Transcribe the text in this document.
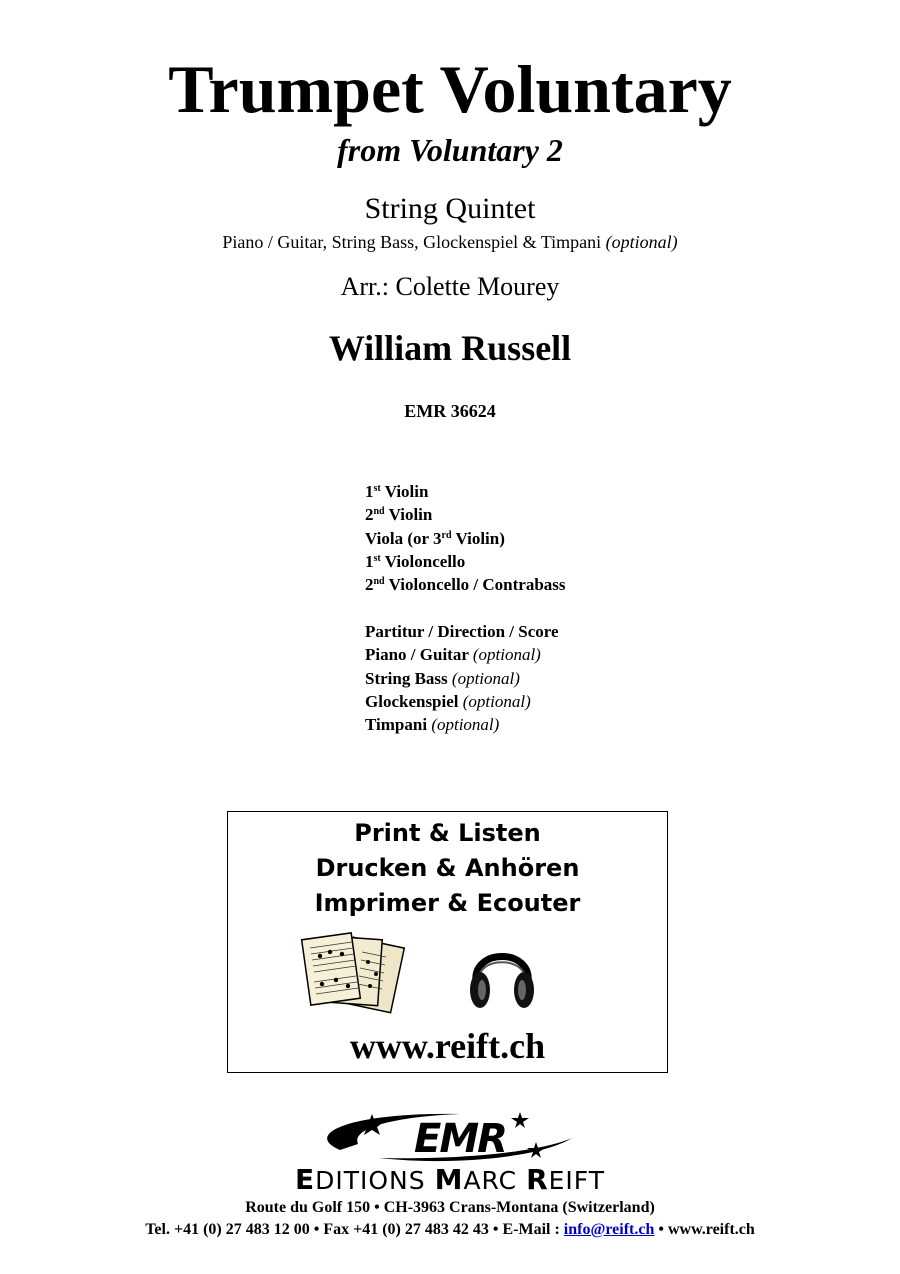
Trumpet Voluntary
from Voluntary 2
String Quintet
Piano / Guitar, String Bass, Glockenspiel & Timpani (optional)
Arr.: Colette Mourey
William Russell
EMR 36624
1st Violin
2nd Violin
Viola (or 3rd Violin)
1st Violoncello
2nd Violoncello / Contrabass
Partitur / Direction / Score
Piano / Guitar (optional)
String Bass (optional)
Glockenspiel (optional)
Timpani (optional)
Print & Listen
Drucken & Anhören
Imprimer & Ecouter
www.reift.ch
EMR
EDITIONS MARC REIFT
Route du Golf 150 • CH-3963 Crans-Montana (Switzerland)
Tel. +41 (0) 27 483 12 00 • Fax +41 (0) 27 483 42 43 • E-Mail : info@reift.ch • www.reift.ch
